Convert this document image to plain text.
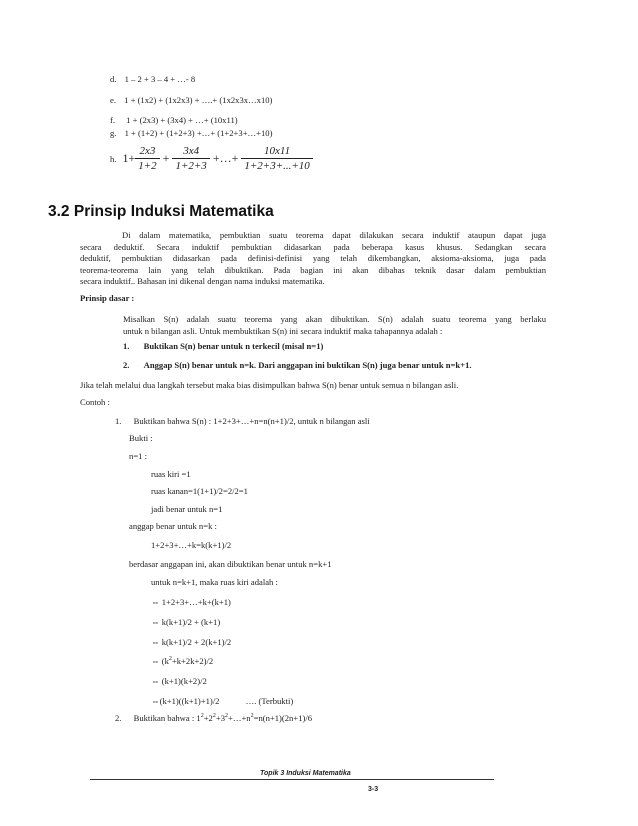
d. 1 – 2 + 3 – 4 + …- 8
e. 1 + (1x2) + (1x2x3) + ….+ (1x2x3x…x10)
f. 1 + (2x3) + (3x4) + …+ (10x11)
g. 1 + (1+2) + (1+2+3) +…+ (1+2+3+…+10)
h. $1+ \frac{2x3}{1+2} + \frac{3x4}{1+2+3}$ +…+ $\frac{10x11}{1+2+3+...+10}$
3.2 Prinsip Induksi Matematika
Di dalam matematika, pembuktian suatu teorema dapat dilakukan secara induktif ataupun dapat juga
secara deduktif. Secara induktif pembuktian didasarkan pada beberapa kasus khusus. Sedangkan secara
deduktif, pembuktian didasarkan pada definisi-definisi yang telah dikembangkan, aksioma-aksioma, juga pada
teorema-teorema lain yang telah dibuktikan. Pada bagian ini akan dibahas teknik dasar dalam pembuktian
secara induktif.. Bahasan ini dikenal dengan nama induksi matematika.
Prinsip dasar :
Misalkan S(n) adalah suatu teorema yang akan dibuktikan. S(n) adalah suatu teorema yang berlaku
untuk n bilangan asli. Untuk membuktikan S(n) ini secara induktif maka tahapannya adalah :
1. Buktikan S(n) benar untuk n terkecil (misal n=1)
2. Anggap S(n) benar untuk n=k. Dari anggapan ini buktikan S(n) juga benar untuk n=k+1.
Jika telah melalui dua langkah tersebut maka bias disimpulkan bahwa S(n) benar untuk semua n bilangan asli.
Contoh :
1. Buktikan bahwa S(n) : 1+2+3+…+n=n(n+1)/2, untuk n bilangan asli
Bukti :
n=1 :
ruas kiri =1
ruas kanan=1(1+1)/2=2/2=1
jadi benar untuk n=1
anggap benar untuk n=k :
1+2+3+…+k=k(k+1)/2
berdasar anggapan ini, akan dibuktikan benar untuk n=k+1
untuk n=k+1, maka ruas kiri adalah :
⇔ 1+2+3+…+k+(k+1)
⇔ k(k+1)/2 + (k+1)
⇔ k(k+1)/2 + 2(k+1)/2
⇔ $(k^2+k+2k+2)/2$
⇔ (k+1)(k+2)/2
⇔(k+1)((k+1)+1)/2	…. (Terbukti)
2. Buktikan bahwa : $1^2+2^2+3^2+\dots+n^2=n(n+1)(2n+1)/6$
Topik 3 Induksi Matematika
3-3
